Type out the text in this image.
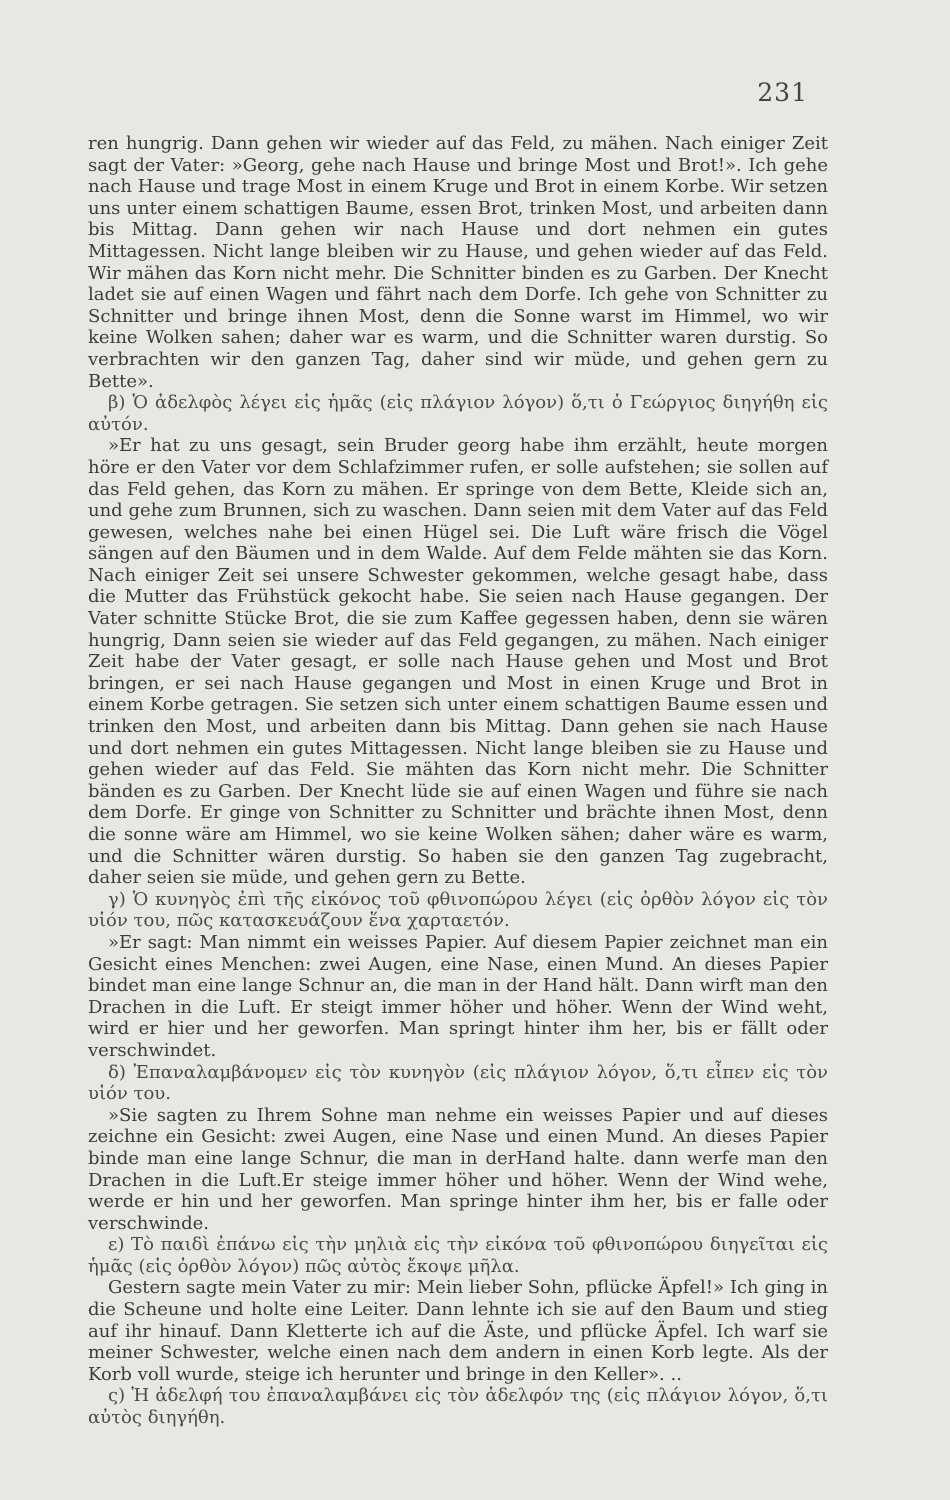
231

ren hungrig. Dann gehen wir wieder auf das Feld, zu mähen. Nach einiger Zeit sagt der Vater: »Georg, gehe nach Hause und bringe Most und Brot!». Ich gehe nach Hause und trage Most in einem Kruge und Brot in einem Korbe. Wir setzen uns unter einem schattigen Baume, essen Brot, trinken Most, und arbeiten dann bis Mittag. Dann gehen wir nach Hause und dort nehmen ein gutes Mittagessen. Nicht lange bleiben wir zu Hause, und gehen wieder auf das Feld. Wir mähen das Korn nicht mehr. Die Schnitter binden es zu Garben. Der Knecht ladet sie auf einen Wagen und fährt nach dem Dorfe. Ich gehe von Schnitter zu Schnitter und bringe ihnen Most, denn die Sonne warst im Himmel, wo wir keine Wolken sahen; daher war es warm, und die Schnitter waren durstig. So verbrachten wir den ganzen Tag, daher sind wir müde, und gehen gern zu Bette».

β) Ὁ ἀδελφὸς λέγει εἰς ἡμᾶς (εἰς πλάγιον λόγον) ὅ,τι ὁ Γεώργιος διηγήθη εἰς αὐτόν.

»Er hat zu uns gesagt, sein Bruder georg habe ihm erzählt, heute morgen höre er den Vater vor dem Schlafzimmer rufen, er solle aufstehen; sie sollen auf das Feld gehen, das Korn zu mähen. Er springe von dem Bette, Kleide sich an, und gehe zum Brunnen, sich zu waschen. Dann seien mit dem Vater auf das Feld gewesen, welches nahe bei einen Hügel sei. Die Luft wäre frisch die Vögel sängen auf den Bäumen und in dem Walde. Auf dem Felde mähten sie das Korn. Nach einiger Zeit sei unsere Schwester gekommen, welche gesagt habe, dass die Mutter das Frühstück gekocht habe. Sie seien nach Hause gegangen. Der Vater schnitte Stücke Brot, die sie zum Kaffee gegessen haben, denn sie wären hungrig, Dann seien sie wieder auf das Feld gegangen, zu mähen. Nach einiger Zeit habe der Vater gesagt, er solle nach Hause gehen und Most und Brot bringen, er sei nach Hause gegangen und Most in einen Kruge und Brot in einem Korbe getragen. Sie setzen sich unter einem schattigen Baume essen und trinken den Most, und arbeiten dann bis Mittag. Dann gehen sie nach Hause und dort nehmen ein gutes Mittagessen. Nicht lange bleiben sie zu Hause und gehen wieder auf das Feld. Sie mähten das Korn nicht mehr. Die Schnitter bänden es zu Garben. Der Knecht lüde sie auf einen Wagen und führe sie nach dem Dorfe. Er ginge von Schnitter zu Schnitter und brächte ihnen Most, denn die sonne wäre am Himmel, wo sie keine Wolken sähen; daher wäre es warm, und die Schnitter wären durstig. So haben sie den ganzen Tag zugebracht, daher seien sie müde, und gehen gern zu Bette.

γ) Ὁ κυνηγὸς ἐπὶ τῆς εἰκόνος τοῦ φθινοπώρου λέγει (εἰς ὀρθὸν λόγον εἰς τὸν υἱόν του, πῶς κατασκευάζουν ἕνα χαρταετόν.

»Er sagt: Man nimmt ein weisses Papier. Auf diesem Papier zeichnet man ein Gesicht eines Menchen: zwei Augen, eine Nase, einen Mund. An dieses Papier bindet man eine lange Schnur an, die man in der Hand hält. Dann wirft man den Drachen in die Luft. Er steigt immer höher und höher. Wenn der Wind weht, wird er hier und her geworfen. Man springt hinter ihm her, bis er fällt oder verschwindet.

δ) Ἐπαναλαμβάνομεν εἰς τὸν κυνηγὸν (εἰς πλάγιον λόγον, ὅ,τι εἶπεν εἰς τὸν υἱόν του.

»Sie sagten zu Ihrem Sohne man nehme ein weisses Papier und auf dieses zeichne ein Gesicht: zwei Augen, eine Nase und einen Mund. An dieses Papier binde man eine lange Schnur, die man in derHand halte. dann werfe man den Drachen in die Luft.Er steige immer höher und höher. Wenn der Wind wehe, werde er hin und her geworfen. Man springe hinter ihm her, bis er falle oder verschwinde.

ε) Τὸ παιδὶ ἐπάνω εἰς τὴν μηλιὰ εἰς τὴν εἰκόνα τοῦ φθινοπώρου διηγεῖται εἰς ἡμᾶς (εἰς ὀρθὸν λόγον) πῶς αὐτὸς ἔκοψε μῆλα.

Gestern sagte mein Vater zu mir: Mein lieber Sohn, pflücke Äpfel!» Ich ging in die Scheune und holte eine Leiter. Dann lehnte ich sie auf den Baum und stieg auf ihr hinauf. Dann Kletterte ich auf die Äste, und pflücke Äpfel. Ich warf sie meiner Schwester, welche einen nach dem andern in einen Korb legte. Als der Korb voll wurde, steige ich herunter und bringe in den Keller». ..

ς) Ἡ ἀδελφή του ἐπαναλαμβάνει εἰς τὸν ἀδελφόν της (εἰς πλάγιον λόγον, ὅ,τι αὐτὸς διηγήθη.
